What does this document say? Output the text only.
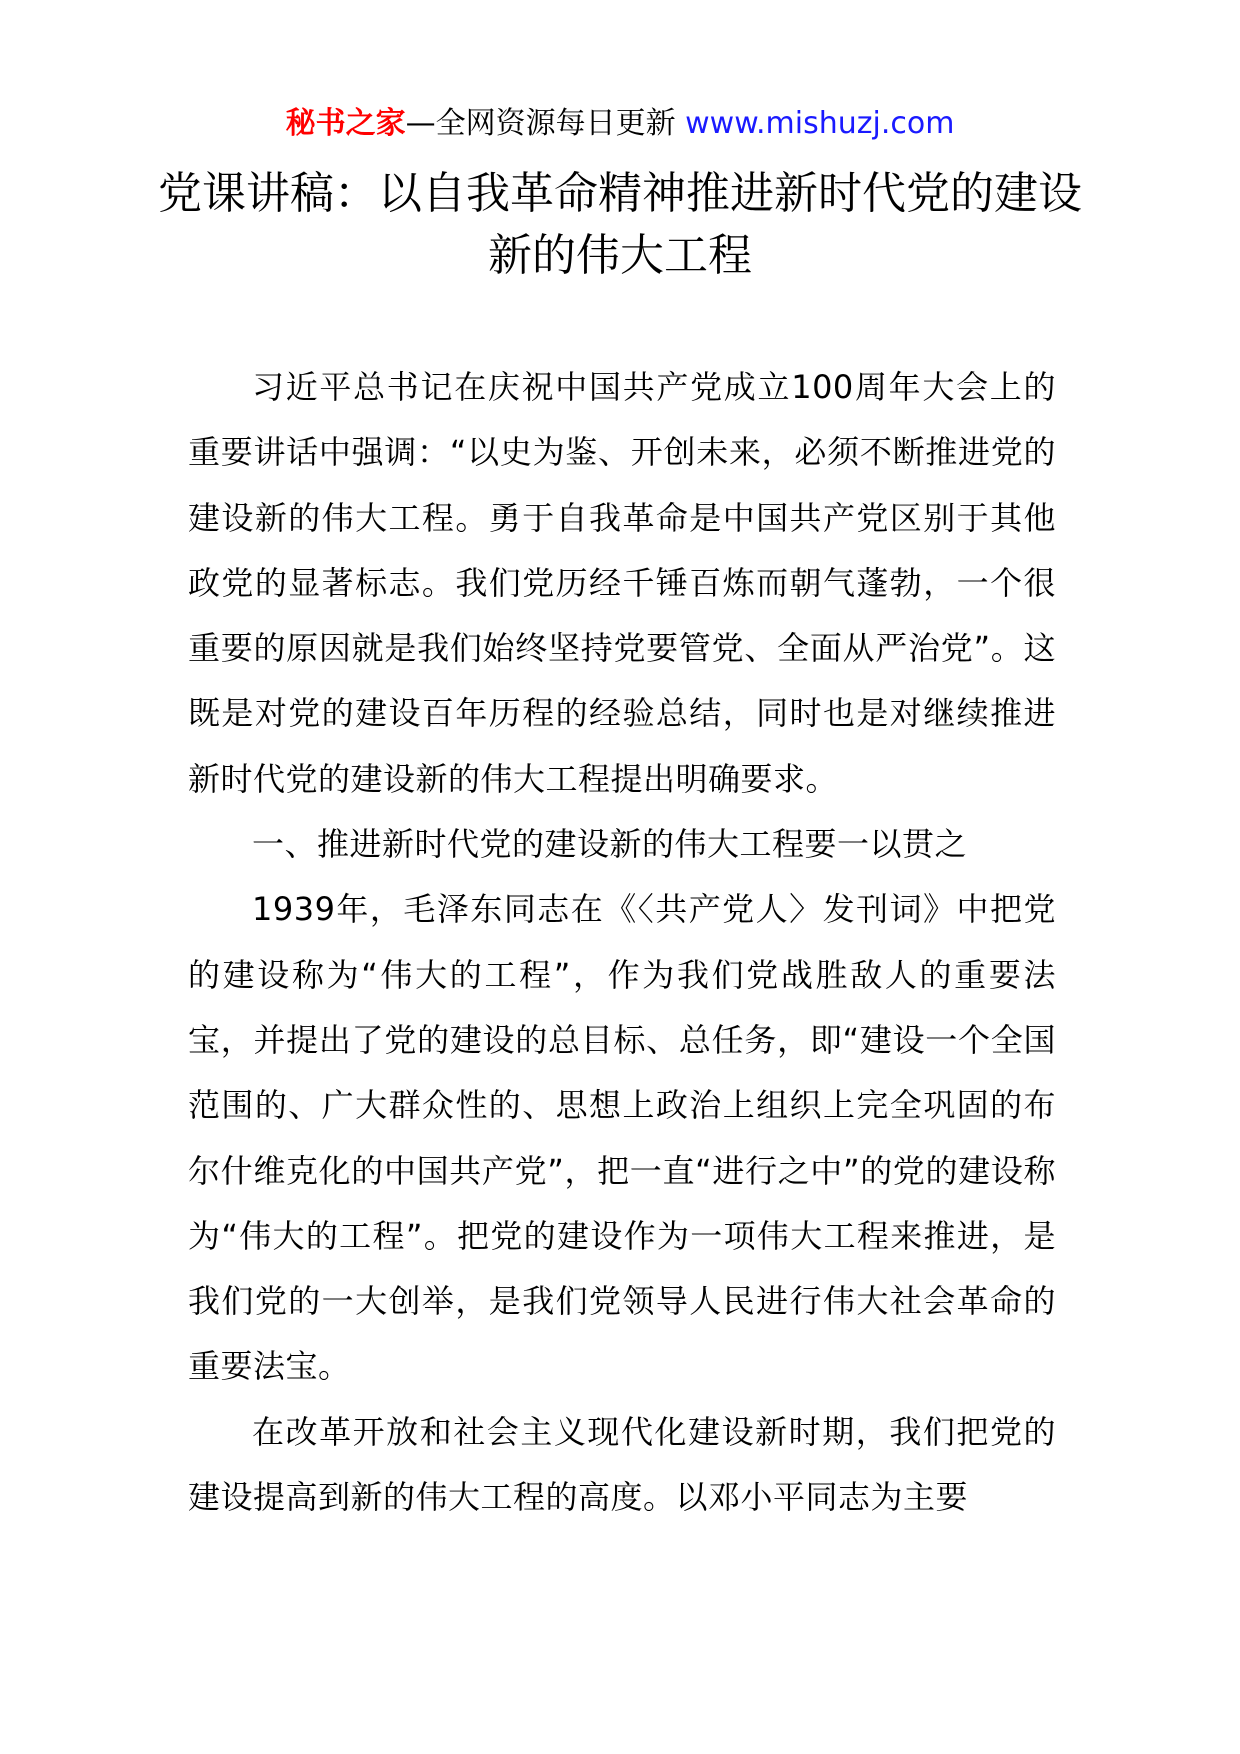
秘书之家—全网资源每日更新 www.mishuzj.com
党课讲稿：以自我革命精神推进新时代党的建设新的伟大工程

习近平总书记在庆祝中国共产党成立100周年大会上的重要讲话中强调：“以史为鉴、开创未来，必须不断推进党的建设新的伟大工程。勇于自我革命是中国共产党区别于其他政党的显著标志。我们党历经千锤百炼而朝气蓬勃，一个很重要的原因就是我们始终坚持党要管党、全面从严治党”。这既是对党的建设百年历程的经验总结，同时也是对继续推进新时代党的建设新的伟大工程提出明确要求。

一、推进新时代党的建设新的伟大工程要一以贯之

1939年，毛泽东同志在《〈共产党人〉发刊词》中把党的建设称为“伟大的工程”，作为我们党战胜敌人的重要法宝，并提出了党的建设的总目标、总任务，即“建设一个全国范围的、广大群众性的、思想上政治上组织上完全巩固的布尔什维克化的中国共产党”，把一直“进行之中”的党的建设称为“伟大的工程”。把党的建设作为一项伟大工程来推进，是我们党的一大创举，是我们党领导人民进行伟大社会革命的重要法宝。

在改革开放和社会主义现代化建设新时期，我们把党的建设提高到新的伟大工程的高度。以邓小平同志为主要
